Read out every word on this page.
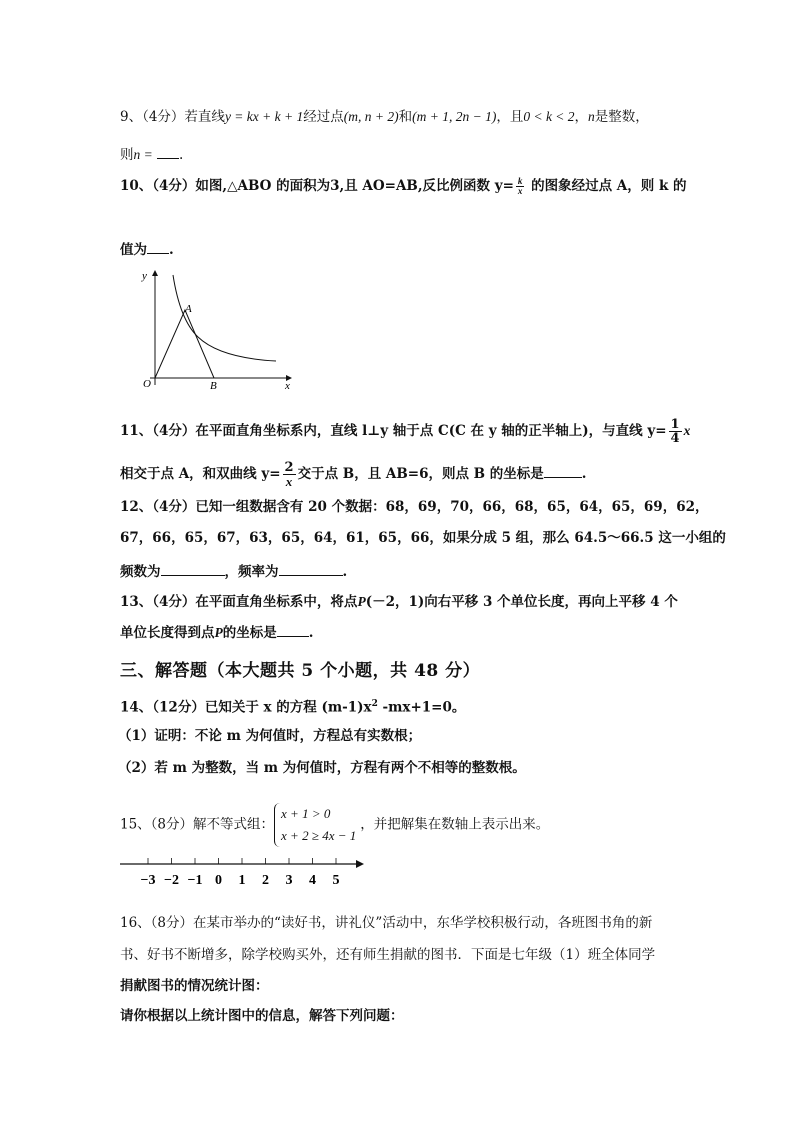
9、（4分）若直线y = kx + k + 1经过点(m, n + 2)和(m + 1, 2n − 1)，且0 < k < 2，n是整数，
则n = .
10、（4分）如图,△ABO 的面积为3,且 AO=AB,反比例函数 $y= \frac{k}{x}$ 的图象经过点 A，则 k 的
值为 .
y
x
A
O	B
11、（4分）在平面直角坐标系内，直线 l⊥y 轴于点 C(C 在 y 轴的正半轴上)，与直线 $y= \frac{1}{4}$ x
相交于点 A，和双曲线 $y= \frac{2}{x}$ 交于点 B，且 AB=6，则点 B 的坐标是	.
12、（4分）已知一组数据含有 20 个数据：68，69，70，66，68，65，64，65，69，62，
67，66，65，67，63，65，64，61，65，66，如果分成 5 组，那么 64.5～66.5 这一小组的
频数为	，频率为	.
13、（4分）在平面直角坐标系中，将点P(－2，1)向右平移 3 个单位长度，再向上平移 4 个
单位长度得到点P的坐标是 .
三、解答题（本大题共 5 个小题，共 48 分）
14、（12分）已知关于 x 的方程 $(m-1)x^2$ -mx+1=0。
（1）证明：不论 m 为何值时，方程总有实数根；
（2）若 m 为整数，当 m 为何值时，方程有两个不相等的整数根。
15、（8分）解不等式组：
x + 1 > 0
x + 2 ≥ 4x − 1
，并把解集在数轴上表示出来。
−3 −2 −1 0 1 2 3 4 5
16、（8分）在某市举办的“读好书，讲礼仪”活动中，东华学校积极行动，各班图书角的新
书、好书不断增多，除学校购买外，还有师生捐献的图书．下面是七年级（1）班全体同学
捐献图书的情况统计图：
请你根据以上统计图中的信息，解答下列问题：
